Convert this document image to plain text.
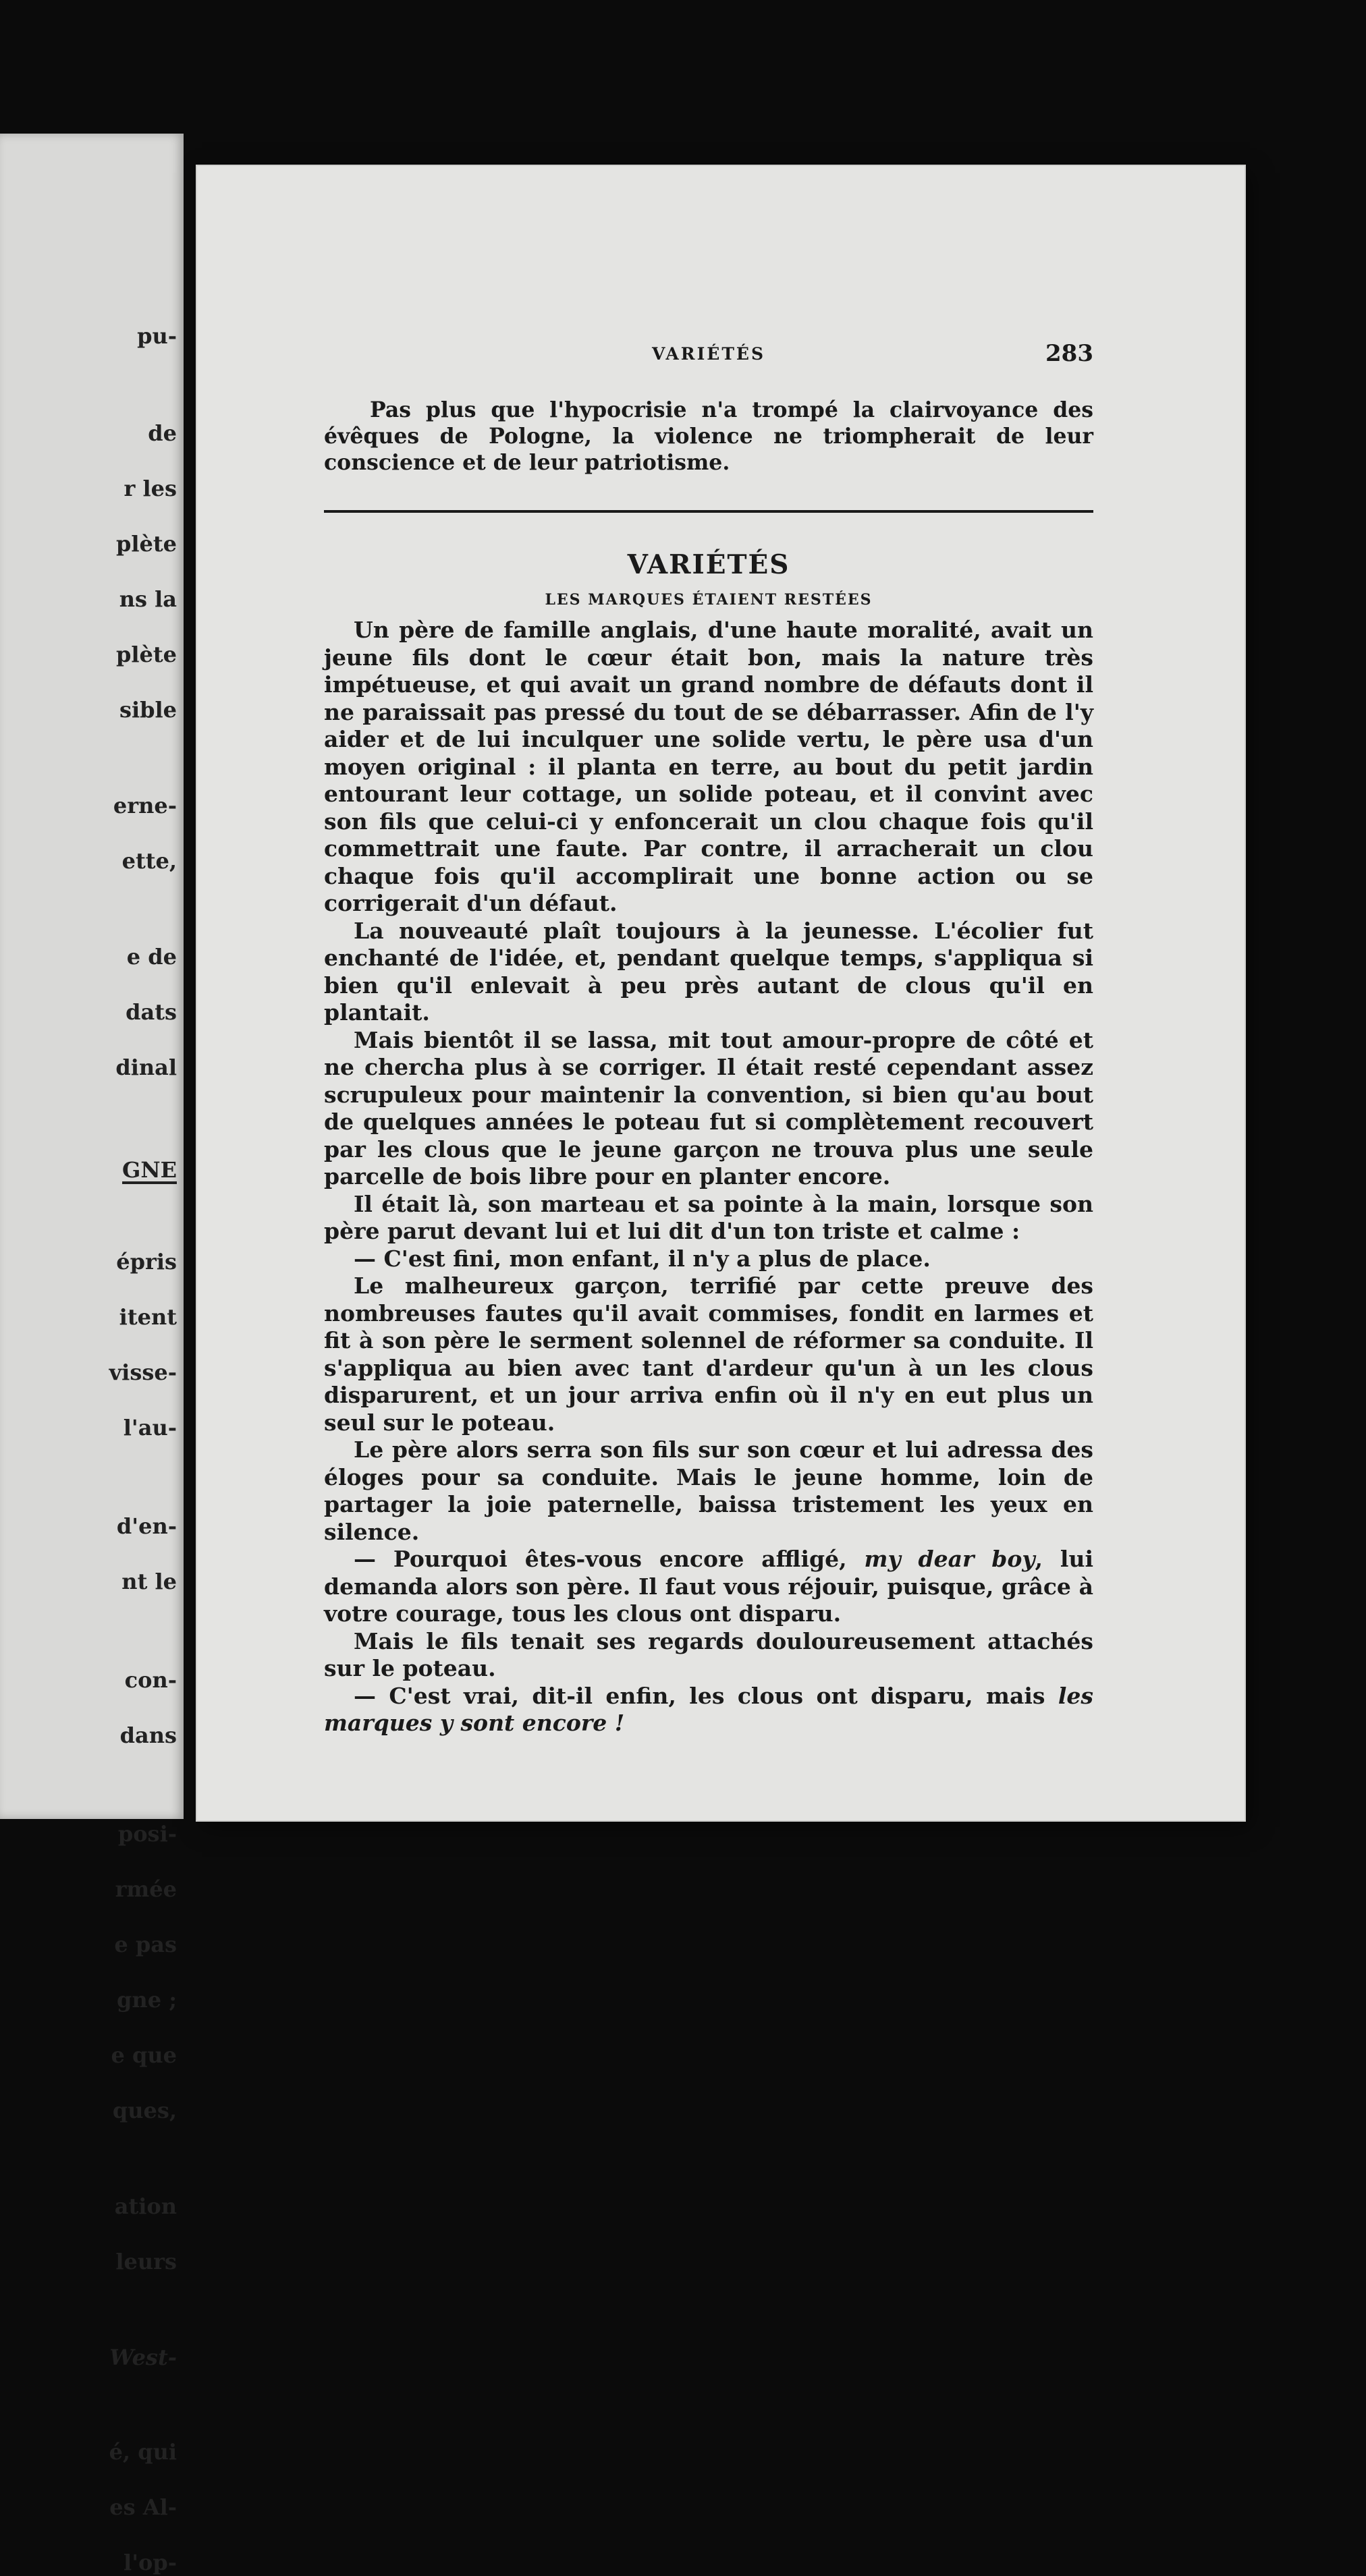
pu-
de
r les
plète
ns la
plète
sible
erne-
ette,
e de
dats
dinal
GNE
épris
itent
visse-
l'au-
d'en-
nt le
con-
dans
posi-
rmée
e pas
gne ;
e que
ques,
ation
leurs
West-
é, qui
es Al-
l'op-
VARIÉTÉS	283

Pas plus que l'hypocrisie n'a trompé la clairvoyance des évêques de Pologne, la violence ne triompherait de leur conscience et de leur patriotisme.

VARIÉTÉS
LES MARQUES ÉTAIENT RESTÉES

Un père de famille anglais, d'une haute moralité, avait un jeune fils dont le cœur était bon, mais la nature très impétueuse, et qui avait un grand nombre de défauts dont il ne paraissait pas pressé du tout de se débarrasser. Afin de l'y aider et de lui inculquer une solide vertu, le père usa d'un moyen original : il planta en terre, au bout du petit jardin entourant leur cottage, un solide poteau, et il convint avec son fils que celui-ci y enfoncerait un clou chaque fois qu'il commettrait une faute. Par contre, il arracherait un clou chaque fois qu'il accomplirait une bonne action ou se corrigerait d'un défaut.

La nouveauté plaît toujours à la jeunesse. L'écolier fut enchanté de l'idée, et, pendant quelque temps, s'appliqua si bien qu'il enlevait à peu près autant de clous qu'il en plantait.

Mais bientôt il se lassa, mit tout amour-propre de côté et ne chercha plus à se corriger. Il était resté cependant assez scrupuleux pour maintenir la convention, si bien qu'au bout de quelques années le poteau fut si complètement recouvert par les clous que le jeune garçon ne trouva plus une seule parcelle de bois libre pour en planter encore.

Il était là, son marteau et sa pointe à la main, lorsque son père parut devant lui et lui dit d'un ton triste et calme :

— C'est fini, mon enfant, il n'y a plus de place.

Le malheureux garçon, terrifié par cette preuve des nombreuses fautes qu'il avait commises, fondit en larmes et fit à son père le serment solennel de réformer sa conduite. Il s'appliqua au bien avec tant d'ardeur qu'un à un les clous disparurent, et un jour arriva enfin où il n'y en eut plus un seul sur le poteau.

Le père alors serra son fils sur son cœur et lui adressa des éloges pour sa conduite. Mais le jeune homme, loin de partager la joie paternelle, baissa tristement les yeux en silence.

— Pourquoi êtes-vous encore affligé, my dear boy, lui demanda alors son père. Il faut vous réjouir, puisque, grâce à votre courage, tous les clous ont disparu.

Mais le fils tenait ses regards douloureusement attachés sur le poteau.

— C'est vrai, dit-il enfin, les clous ont disparu, mais les marques y sont encore !
